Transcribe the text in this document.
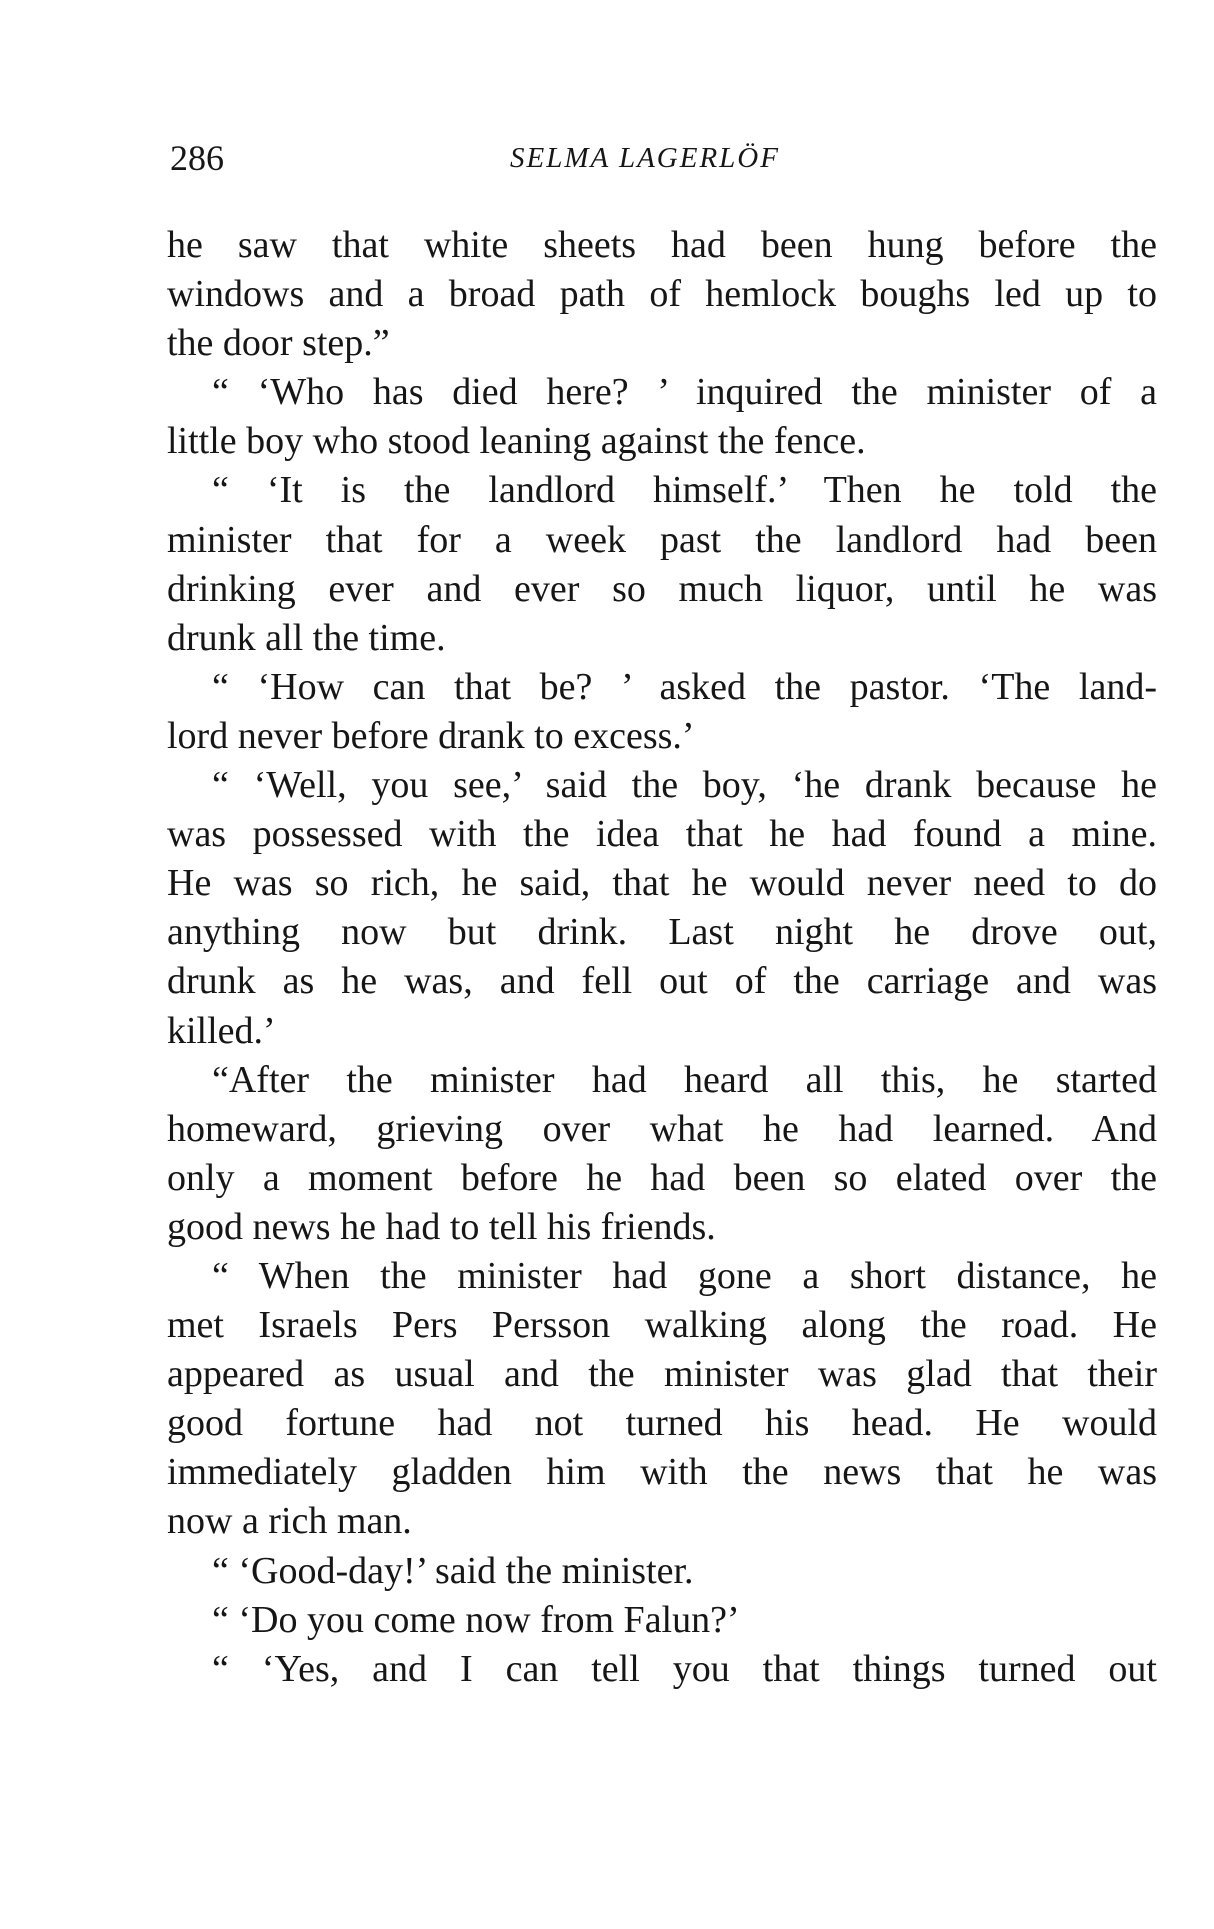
286	SELMA LAGERLÖF
he saw that white sheets had been hung before the
windows and a broad path of hemlock boughs led up to
the door step.”
“ ‘Who has died here? ’ inquired the minister of a
little boy who stood leaning against the fence.
“ ‘It is the landlord himself.’ Then he told the
minister that for a week past the landlord had been
drinking ever and ever so much liquor, until he was
drunk all the time.
“ ‘How can that be? ’ asked the pastor. ‘The land-
lord never before drank to excess.’
“ ‘Well, you see,’ said the boy, ‘he drank because he
was possessed with the idea that he had found a mine.
He was so rich, he said, that he would never need to do
anything now but drink. Last night he drove out,
drunk as he was, and fell out of the carriage and was
killed.’
“After the minister had heard all this, he started
homeward, grieving over what he had learned. And
only a moment before he had been so elated over the
good news he had to tell his friends.
“ When the minister had gone a short distance, he
met Israels Pers Persson walking along the road. He
appeared as usual and the minister was glad that their
good fortune had not turned his head. He would
immediately gladden him with the news that he was
now a rich man.
“ ‘Good-day!’ said the minister.
“ ‘Do you come now from Falun?’
“ ‘Yes, and I can tell you that things turned out
